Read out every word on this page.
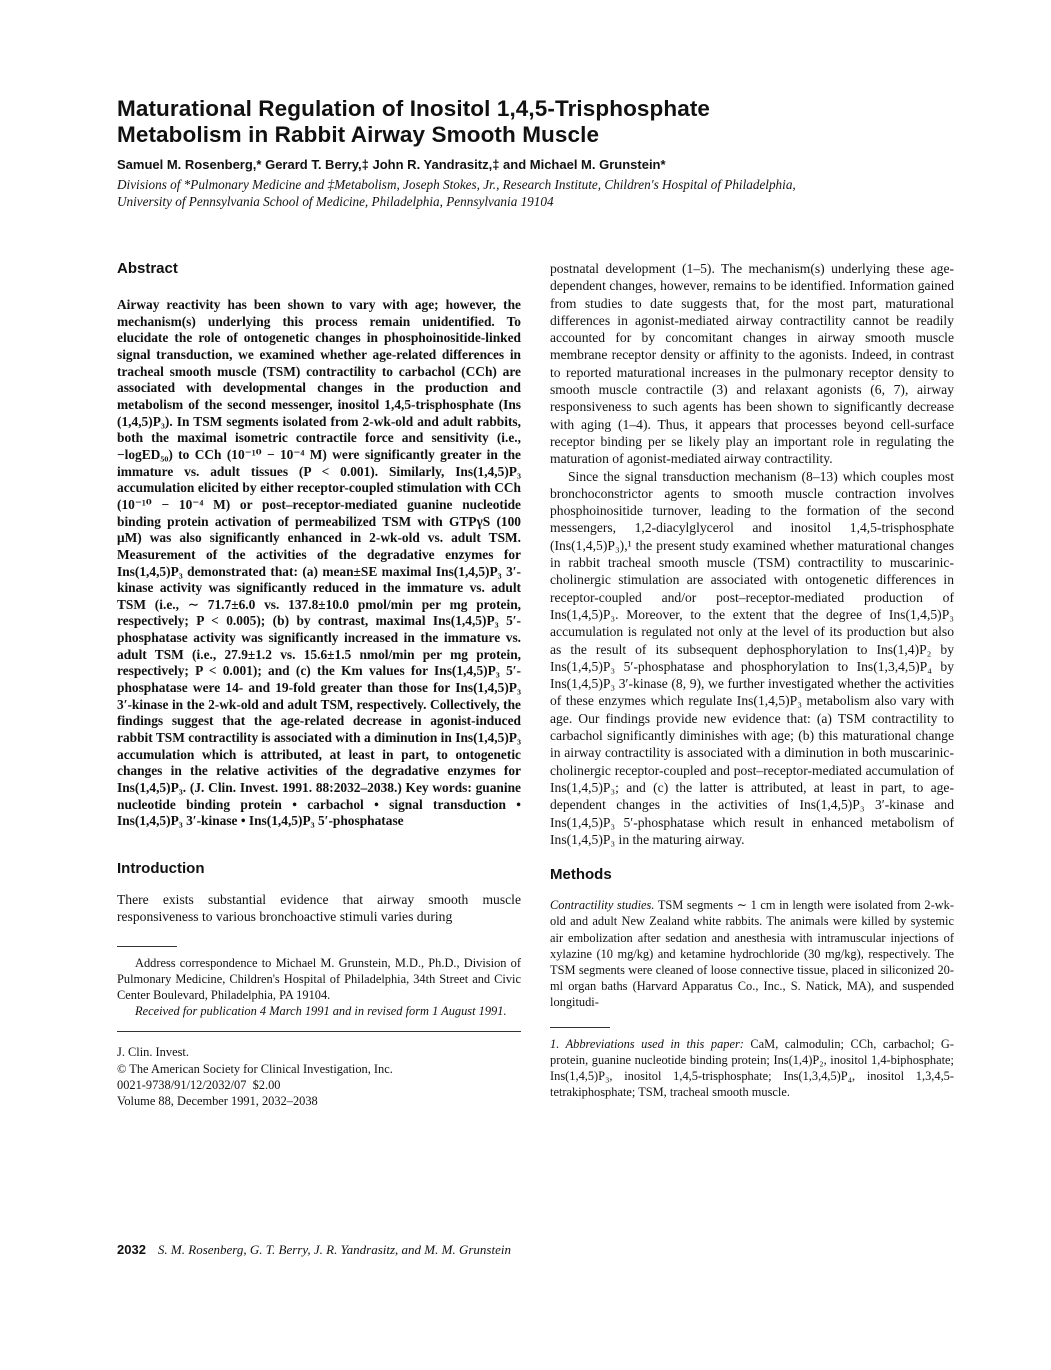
Maturational Regulation of Inositol 1,4,5-Trisphosphate
Metabolism in Rabbit Airway Smooth Muscle
Samuel M. Rosenberg,* Gerard T. Berry,‡ John R. Yandrasitz,‡ and Michael M. Grunstein*
Divisions of *Pulmonary Medicine and ‡Metabolism, Joseph Stokes, Jr., Research Institute, Children's Hospital of Philadelphia,
University of Pennsylvania School of Medicine, Philadelphia, Pennsylvania 19104
Abstract

Airway reactivity has been shown to vary with age; however, the mechanism(s) underlying this process remain unidentified. To elucidate the role of ontogenetic changes in phosphoinositide-linked signal transduction, we examined whether age-related differences in tracheal smooth muscle (TSM) contractility to carbachol (CCh) are associated with developmental changes in the production and metabolism of the second messenger, inositol 1,4,5-trisphosphate (Ins (1,4,5)P₃). In TSM segments isolated from 2-wk-old and adult rabbits, both the maximal isometric contractile force and sensitivity (i.e., −logED₅₀) to CCh (10⁻¹⁰ − 10⁻⁴ M) were significantly greater in the immature vs. adult tissues (P < 0.001). Similarly, Ins(1,4,5)P₃ accumulation elicited by either receptor-coupled stimulation with CCh (10⁻¹⁰ − 10⁻⁴ M) or post–receptor-mediated guanine nucleotide binding protein activation of permeabilized TSM with GTPγS (100 μM) was also significantly enhanced in 2-wk-old vs. adult TSM. Measurement of the activities of the degradative enzymes for Ins(1,4,5)P₃ demonstrated that: (a) mean±SE maximal Ins(1,4,5)P₃ 3′-kinase activity was significantly reduced in the immature vs. adult TSM (i.e., ∼ 71.7±6.0 vs. 137.8±10.0 pmol/min per mg protein, respectively; P < 0.005); (b) by contrast, maximal Ins(1,4,5)P₃ 5′-phosphatase activity was significantly increased in the immature vs. adult TSM (i.e., 27.9±1.2 vs. 15.6±1.5 nmol/min per mg protein, respectively; P < 0.001); and (c) the Km values for Ins(1,4,5)P₃ 5′-phosphatase were 14- and 19-fold greater than those for Ins(1,4,5)P₃ 3′-kinase in the 2-wk-old and adult TSM, respectively. Collectively, the findings suggest that the age-related decrease in agonist-induced rabbit TSM contractility is associated with a diminution in Ins(1,4,5)P₃ accumulation which is attributed, at least in part, to ontogenetic changes in the relative activities of the degradative enzymes for Ins(1,4,5)P₃. (J. Clin. Invest. 1991. 88:2032–2038.) Key words: guanine nucleotide binding protein • carbachol • signal transduction • Ins(1,4,5)P₃ 3′-kinase • Ins(1,4,5)P₃ 5′-phosphatase

Introduction

There exists substantial evidence that airway smooth muscle responsiveness to various bronchoactive stimuli varies during

Address correspondence to Michael M. Grunstein, M.D., Ph.D., Division of Pulmonary Medicine, Children's Hospital of Philadelphia, 34th Street and Civic Center Boulevard, Philadelphia, PA 19104.
Received for publication 4 March 1991 and in revised form 1 August 1991.
J. Clin. Invest.
© The American Society for Clinical Investigation, Inc.
0021-9738/91/12/2032/07  $2.00
Volume 88, December 1991, 2032–2038

postnatal development (1–5). The mechanism(s) underlying these age-dependent changes, however, remains to be identified. Information gained from studies to date suggests that, for the most part, maturational differences in agonist-mediated airway contractility cannot be readily accounted for by concomitant changes in airway smooth muscle membrane receptor density or affinity to the agonists. Indeed, in contrast to reported maturational increases in the pulmonary receptor density to smooth muscle contractile (3) and relaxant agonists (6, 7), airway responsiveness to such agents has been shown to significantly decrease with aging (1–4). Thus, it appears that processes beyond cell-surface receptor binding per se likely play an important role in regulating the maturation of agonist-mediated airway contractility.

Since the signal transduction mechanism (8–13) which couples most bronchoconstrictor agents to smooth muscle contraction involves phosphoinositide turnover, leading to the formation of the second messengers, 1,2-diacylglycerol and inositol 1,4,5-trisphosphate (Ins(1,4,5)P₃),¹ the present study examined whether maturational changes in rabbit tracheal smooth muscle (TSM) contractility to muscarinic-cholinergic stimulation are associated with ontogenetic differences in receptor-coupled and/or post–receptor-mediated production of Ins(1,4,5)P₃. Moreover, to the extent that the degree of Ins(1,4,5)P₃ accumulation is regulated not only at the level of its production but also as the result of its subsequent dephosphorylation to Ins(1,4)P₂ by Ins(1,4,5)P₃ 5′-phosphatase and phosphorylation to Ins(1,3,4,5)P₄ by Ins(1,4,5)P₃ 3′-kinase (8, 9), we further investigated whether the activities of these enzymes which regulate Ins(1,4,5)P₃ metabolism also vary with age. Our findings provide new evidence that: (a) TSM contractility to carbachol significantly diminishes with age; (b) this maturational change in airway contractility is associated with a diminution in both muscarinic-cholinergic receptor-coupled and post–receptor-mediated accumulation of Ins(1,4,5)P₃; and (c) the latter is attributed, at least in part, to age-dependent changes in the activities of Ins(1,4,5)P₃ 3′-kinase and Ins(1,4,5)P₃ 5′-phosphatase which result in enhanced metabolism of Ins(1,4,5)P₃ in the maturing airway.

Methods

Contractility studies. TSM segments ∼ 1 cm in length were isolated from 2-wk-old and adult New Zealand white rabbits. The animals were killed by systemic air embolization after sedation and anesthesia with intramuscular injections of xylazine (10 mg/kg) and ketamine hydrochloride (30 mg/kg), respectively. The TSM segments were cleaned of loose connective tissue, placed in siliconized 20-ml organ baths (Harvard Apparatus Co., Inc., S. Natick, MA), and suspended longitudi-

1. Abbreviations used in this paper: CaM, calmodulin; CCh, carbachol; G-protein, guanine nucleotide binding protein; Ins(1,4)P₂, inositol 1,4-biphosphate; Ins(1,4,5)P₃, inositol 1,4,5-trisphosphate; Ins(1,3,4,5)P₄, inositol 1,3,4,5-tetrakiphosphate; TSM, tracheal smooth muscle.

2032 S. M. Rosenberg, G. T. Berry, J. R. Yandrasitz, and M. M. Grunstein
